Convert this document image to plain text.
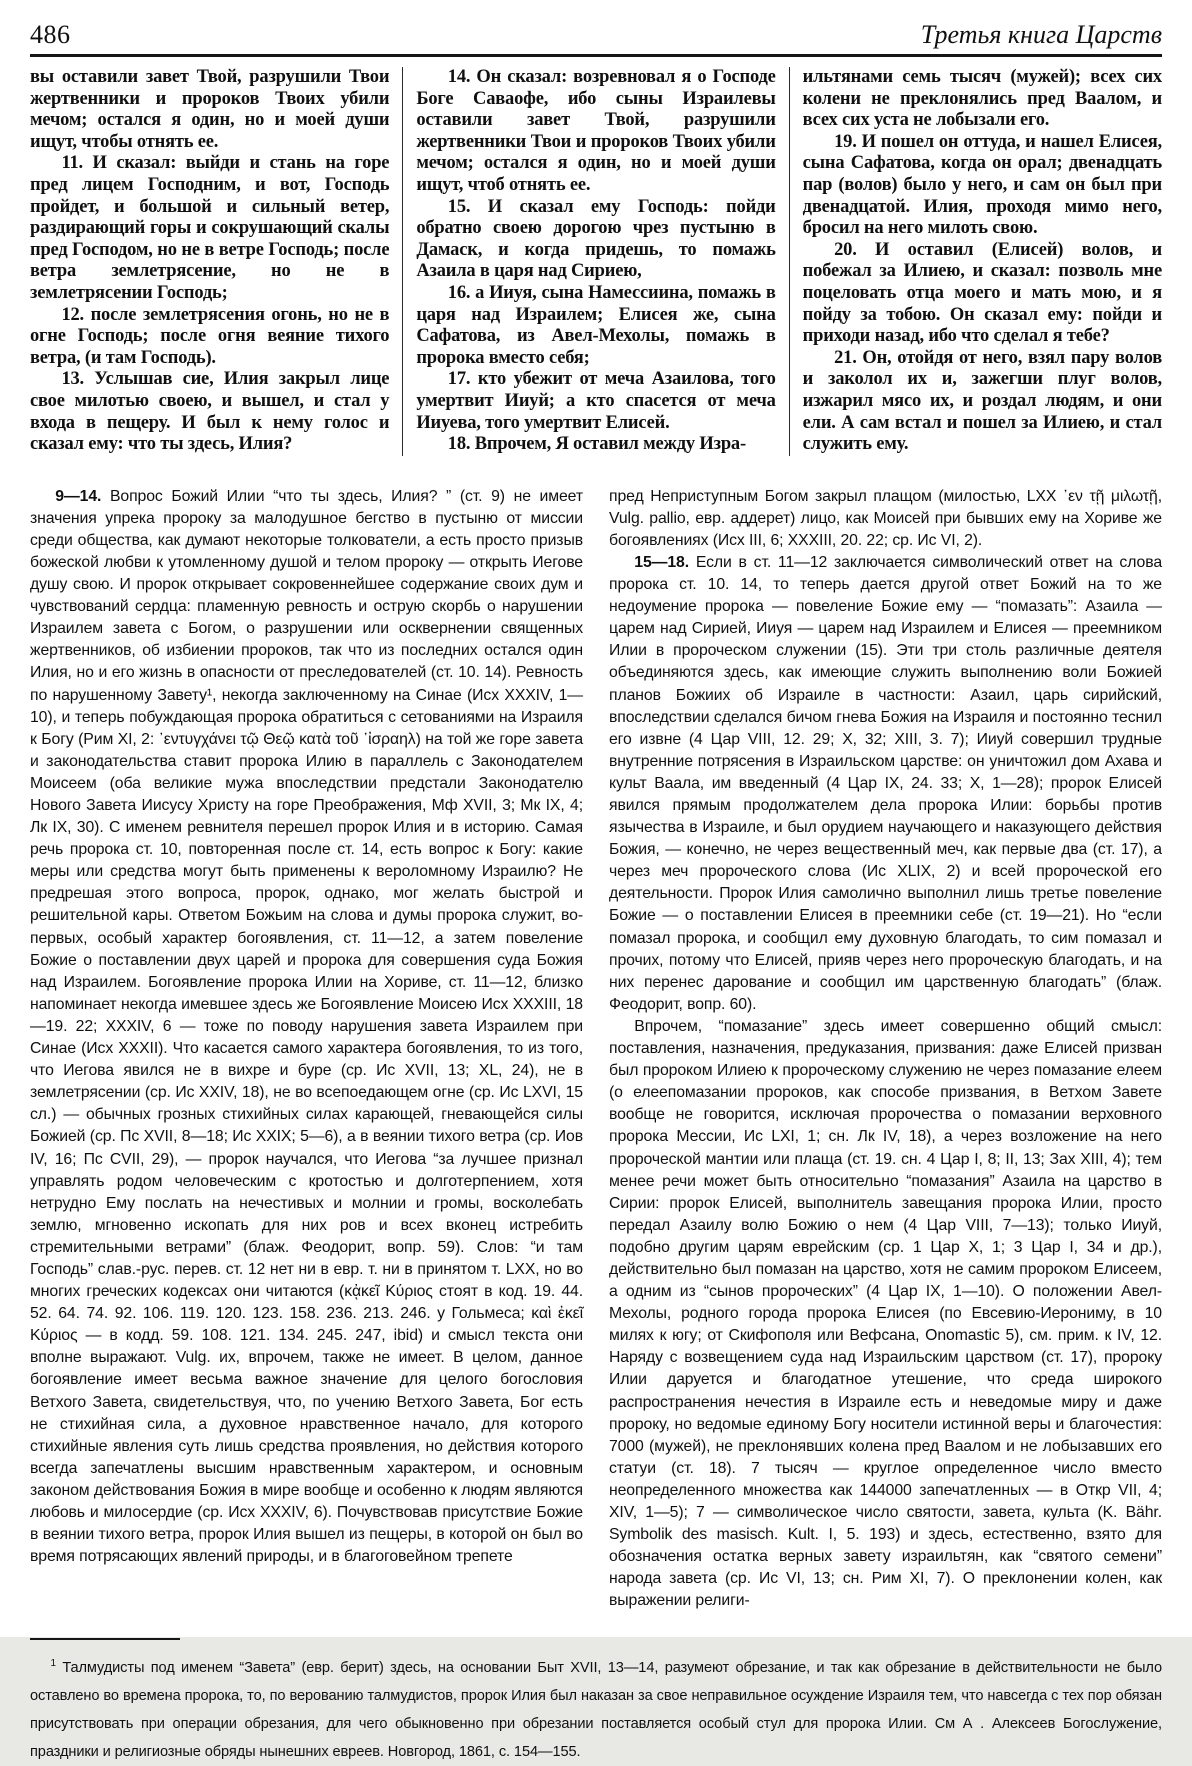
486	Третья книга Царств

вы оставили завет Твой, разрушили Твои жертвенники и пророков Твоих убили мечом; остался я один, но и моей души ищут, чтобы отнять ее.

11. И сказал: выйди и стань на горе пред лицем Господним, и вот, Господь пройдет, и большой и сильный ветер, раздирающий горы и сокрушающий скалы пред Господом, но не в ветре Господь; после ветра землетрясение, но не в землетрясении Господь;

12. после землетрясения огонь, но не в огне Господь; после огня веяние тихого ветра, (и там Господь).

13. Услышав сие, Илия закрыл лице свое милотью своею, и вышел, и стал у входа в пещеру. И был к нему голос и сказал ему: что ты здесь, Илия?

14. Он сказал: возревновал я о Господе Боге Саваофе, ибо сыны Израилевы оставили завет Твой, разрушили жертвенники Твои и пророков Твоих убили мечом; остался я один, но и моей души ищут, чтоб отнять ее.

15. И сказал ему Господь: пойди обратно своею дорогою чрез пустыню в Дамаск, и когда придешь, то помажь Азаила в царя над Сириею,

16. а Ииуя, сына Намессиина, помажь в царя над Израилем; Елисея же, сына Сафатова, из Авел-Мехолы, помажь в пророка вместо себя;

17. кто убежит от меча Азаилова, того умертвит Ииуй; а кто спасется от меча Ииуева, того умертвит Елисей.

18. Впрочем, Я оставил между Изра-

ильтянами семь тысяч (мужей); всех сих колени не преклонялись пред Ваалом, и всех сих уста не лобызали его.

19. И пошел он оттуда, и нашел Елисея, сына Сафатова, когда он орал; двенадцать пар (волов) было у него, и сам он был при двенадцатой. Илия, проходя мимо него, бросил на него милоть свою.

20. И оставил (Елисей) волов, и побежал за Илиею, и сказал: позволь мне поцеловать отца моего и мать мою, и я пойду за тобою. Он сказал ему: пойди и приходи назад, ибо что сделал я тебе?

21. Он, отойдя от него, взял пару волов и заколол их и, зажегши плуг волов, изжарил мясо их, и роздал людям, и они ели. А сам встал и пошел за Илиею, и стал служить ему.

9—14. Вопрос Божий Илии “что ты здесь, Илия? ” (ст. 9) не имеет значения упрека пророку за малодушное бегство в пустыню от миссии среди общества, как думают некоторые толкователи, а есть просто призыв божеской любви к утомленному душой и телом пророку — открыть Иегове душу свою. И пророк открывает сокровеннейшее содержание своих дум и чувствований сердца: пламенную ревность и острую скорбь о нарушении Израилем завета с Богом, о разрушении или осквернении священных жертвенников, об избиении пророков, так что из последних остался один Илия, но и его жизнь в опасности от преследователей (ст. 10. 14). Ревность по нарушенному Завету¹, некогда заключенному на Синае (Исх XXXIV, 1—10), и теперь побуждающая пророка обратиться с сетованиями на Израиля к Богу (Рим XI, 2: ᾽εντυγχάνει τῷ Θεῷ κατὰ τοῦ ᾽ἰσραηλ) на той же горе завета и законодательства ставит пророка Илию в параллель с Законодателем Моисеем (оба великие мужа впоследствии предстали Законодателю Нового Завета Иисусу Христу на горе Преображения, Мф XVII, 3; Мк IX, 4; Лк IX, 30). С именем ревнителя перешел пророк Илия и в историю. Самая речь пророка ст. 10, повторенная после ст. 14, есть вопрос к Богу: какие меры или средства могут быть применены к вероломному Израилю? Не предрешая этого вопроса, пророк, однако, мог желать быстрой и решительной кары. Ответом Божьим на слова и думы пророка служит, во-первых, особый характер богоявления, ст. 11—12, а затем повеление Божие о поставлении двух царей и пророка для совершения суда Божия над Израилем. Богоявление пророка Илии на Хориве, ст. 11—12, близко напоминает некогда имевшее здесь же Богоявление Моисею Исх XXXIII, 18—19. 22; XXXIV, 6 — тоже по поводу нарушения завета Израилем при Синае (Исх XXXII). Что касается самого характера богоявления, то из того, что Иегова явился не в вихре и буре (ср. Ис XVII, 13; XL, 24), не в землетрясении (ср. Ис XXIV, 18), не во всепоедающем огне (ср. Ис LXVI, 15 сл.) — обычных грозных стихийных силах карающей, гневающейся силы Божией (ср. Пс XVII, 8—18; Ис XXIX; 5—6), а в веянии тихого ветра (ср. Иов IV, 16; Пс CVII, 29), — пророк научался, что Иегова “за лучшее признал управлять родом человеческим с кротостью и долготерпением, хотя нетрудно Ему послать на нечестивых и молнии и громы, восколебать землю, мгновенно ископать для них ров и всех вконец истребить стремительными ветрами” (блаж. Феодорит, вопр. 59). Слов: “и там Господь” слав.-рус. перев. ст. 12 нет ни в евр. т. ни в принятом т. LXX, но во многих греческих кодексах они читаются (κᾀκεῖ Κύριος стоят в код. 19. 44. 52. 64. 74. 92. 106. 119. 120. 123. 158. 236. 213. 246. у Гольмеса; καὶ ἐκεῖ Κύριος — в кодд. 59. 108. 121. 134. 245. 247, ibid) и смысл текста они вполне выражают. Vulg. их, впрочем, также не имеет. В целом, данное богоявление имеет весьма важное значение для целого богословия Ветхого Завета, свидетельствуя, что, по учению Ветхого Завета, Бог есть не стихийная сила, а духовное нравственное начало, для которого стихийные явления суть лишь средства проявления, но действия которого всегда запечатлены высшим нравственным характером, и основным законом действования Божия в мире вообще и особенно к людям являются любовь и милосердие (ср. Исх XXXIV, 6). Почувствовав присутствие Божие в веянии тихого ветра, пророк Илия вышел из пещеры, в которой он был во время потрясающих явлений природы, и в благоговейном трепете

пред Неприступным Богом закрыл плащом (милостью, LXX ᾽εν τῇ μιλωτῇ, Vulg. pallio, евр. аддерет) лицо, как Моисей при бывших ему на Хориве же богоявлениях (Исх III, 6; XXXIII, 20. 22; ср. Ис VI, 2).

15—18. Если в ст. 11—12 заключается символический ответ на слова пророка ст. 10. 14, то теперь дается другой ответ Божий на то же недоумение пророка — повеление Божие ему — “помазать”: Азаила — царем над Сирией, Ииуя — царем над Израилем и Елисея — преемником Илии в пророческом служении (15). Эти три столь различные деятеля объединяются здесь, как имеющие служить выполнению воли Божией планов Божиих об Израиле в частности: Азаил, царь сирийский, впоследствии сделался бичом гнева Божия на Израиля и постоянно теснил его извне (4 Цар VIII, 12. 29; X, 32; XIII, 3. 7); Ииуй совершил трудные внутренние потрясения в Израильском царстве: он уничтожил дом Ахава и культ Ваала, им введенный (4 Цар IX, 24. 33; X, 1—28); пророк Елисей явился прямым продолжателем дела пророка Илии: борьбы против язычества в Израиле, и был орудием научающего и наказующего действия Божия, — конечно, не через вещественный меч, как первые два (ст. 17), а через меч пророческого слова (Ис XLIX, 2) и всей пророческой его деятельности. Пророк Илия самолично выполнил лишь третье повеление Божие — о поставлении Елисея в преемники себе (ст. 19—21). Но “если помазал пророка, и сообщил ему духовную благодать, то сим помазал и прочих, потому что Елисей, прияв через него пророческую благодать, и на них перенес дарование и сообщил им царственную благодать” (блаж. Феодорит, вопр. 60).

Впрочем, “помазание” здесь имеет совершенно общий смысл: поставления, назначения, предуказания, призвания: даже Елисей призван был пророком Илиею к пророческому служению не через помазание елеем (о елеепомазании пророков, как способе призвания, в Ветхом Завете вообще не говорится, исключая пророчества о помазании верховного пророка Мессии, Ис LXI, 1; сн. Лк IV, 18), а через возложение на него пророческой мантии или плаща (ст. 19. сн. 4 Цар I, 8; II, 13; Зах XIII, 4); тем менее речи может быть относительно “помазания” Азаила на царство в Сирии: пророк Елисей, выполнитель завещания пророка Илии, просто передал Азаилу волю Божию о нем (4 Цар VIII, 7—13); только Ииуй, подобно другим царям еврейским (ср. 1 Цар X, 1; 3 Цар I, 34 и др.), действительно был помазан на царство, хотя не самим пророком Елисеем, а одним из “сынов пророческих” (4 Цар IX, 1—10). О положении Авел-Мехолы, родного города пророка Елисея (по Евсевию-Иерониму, в 10 милях к югу; от Скифополя или Вефсана, Onomastic 5), см. прим. к IV, 12. Наряду с возвещением суда над Израильским царством (ст. 17), пророку Илии даруется и благодатное утешение, что среда широкого распространения нечестия в Израиле есть и неведомые миру и даже пророку, но ведомые единому Богу носители истинной веры и благочестия: 7000 (мужей), не преклонявших колена пред Ваалом и не лобызавших его статуи (ст. 18). 7 тысяч — круглое определенное число вместо неопределенного множества как 144000 запечатленных — в Откр VII, 4; XIV, 1—5); 7 — символическое число святости, завета, культа (K. Bähr. Symbolik des masisch. Kult. I, 5. 193) и здесь, естественно, взято для обозначения остатка верных завету израильтян, как “святого семени” народа завета (ср. Ис VI, 13; сн. Рим XI, 7). О преклонении колен, как выражении религи-

$^1$ Талмудисты под именем “Завета” (евр. берит) здесь, на основании Быт XVII, 13—14, разумеют обрезание, и так как обрезание в действительности не было оставлено во времена пророка, то, по верованию талмудистов, пророк Илия был наказан за свое неправильное осуждение Израиля тем, что навсегда с тех пор обязан присутствовать при операции обрезания, для чего обыкновенно при обрезании поставляется особый стул для пророка Илии. См А . Алексеев Богослужение, праздники и религиозные обряды нынешних евреев. Новгород, 1861, с. 154—155.
